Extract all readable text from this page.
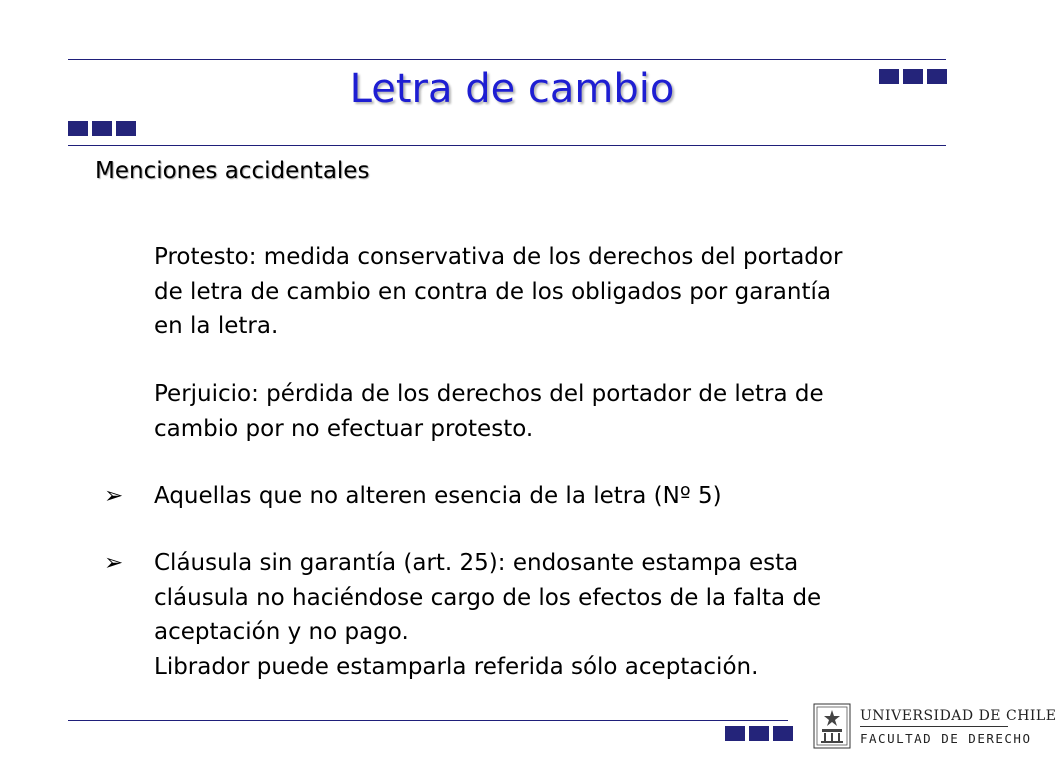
Letra de cambio
Menciones accidentales
Protesto: medida conservativa de los derechos del portador
de letra de cambio en contra de los obligados por garantía
en la letra.
Perjuicio: pérdida de los derechos del portador de letra de
cambio por no efectuar protesto.
➢ Aquellas que no alteren esencia de la letra (Nº 5)
➢ Cláusula sin garantía (art. 25): endosante estampa esta
cláusula no haciéndose cargo de los efectos de la falta de
aceptación y no pago.
Librador puede estamparla referida sólo aceptación.
UNIVERSIDAD DE CHILE
FACULTAD DE DERECHO
